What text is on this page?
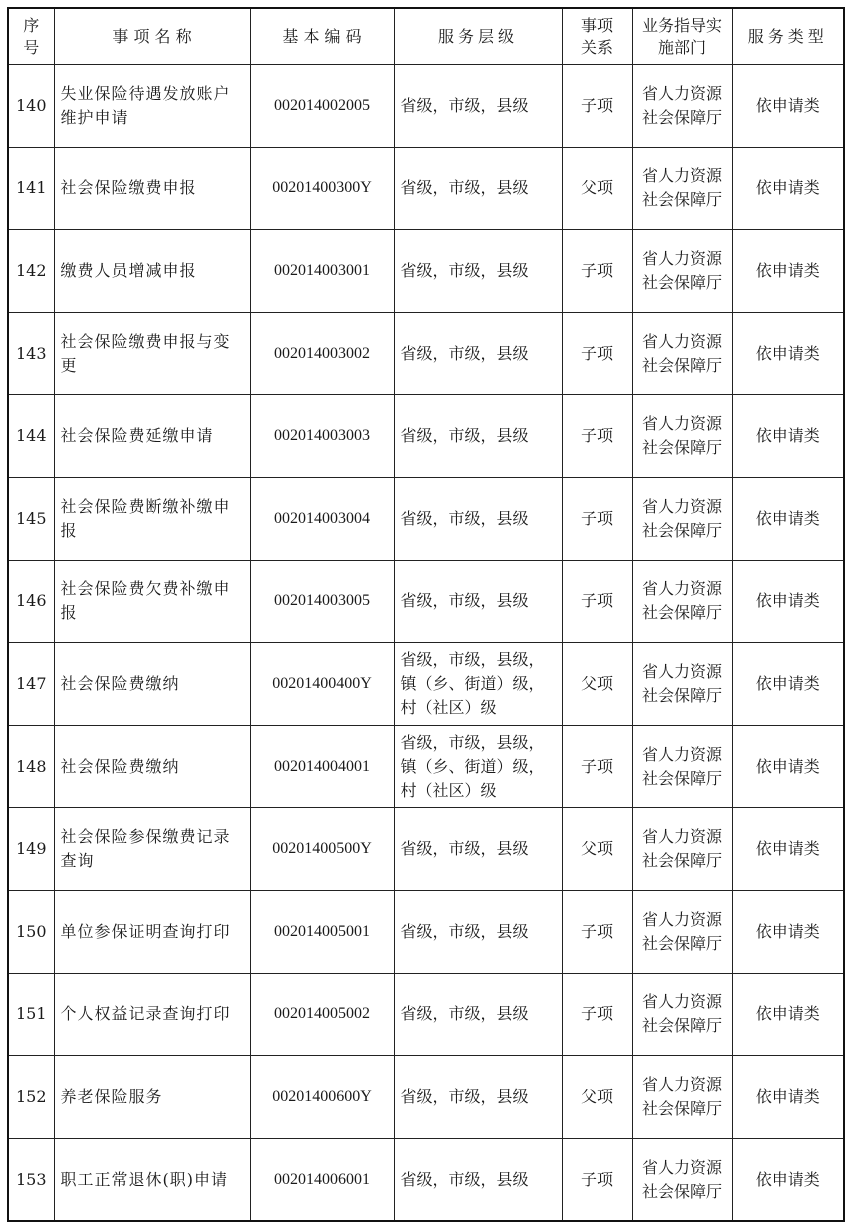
序号	事 项 名 称	基 本 编 码	服务层级	事项关系	业务指导实施部门	服务类型
140	失业保险待遇发放账户维护申请	002014002005	省级，市级，县级	子项	省人力资源社会保障厅	依申请类
141	社会保险缴费申报	00201400300Y	省级，市级，县级	父项	省人力资源社会保障厅	依申请类
142	缴费人员增减申报	002014003001	省级，市级，县级	子项	省人力资源社会保障厅	依申请类
143	社会保险缴费申报与变更	002014003002	省级，市级，县级	子项	省人力资源社会保障厅	依申请类
144	社会保险费延缴申请	002014003003	省级，市级，县级	子项	省人力资源社会保障厅	依申请类
145	社会保险费断缴补缴申报	002014003004	省级，市级，县级	子项	省人力资源社会保障厅	依申请类
146	社会保险费欠费补缴申报	002014003005	省级，市级，县级	子项	省人力资源社会保障厅	依申请类
147	社会保险费缴纳	00201400400Y	省级，市级，县级，镇（乡、街道）级，村（社区）级	父项	省人力资源社会保障厅	依申请类
148	社会保险费缴纳	002014004001	省级，市级，县级，镇（乡、街道）级，村（社区）级	子项	省人力资源社会保障厅	依申请类
149	社会保险参保缴费记录查询	00201400500Y	省级，市级，县级	父项	省人力资源社会保障厅	依申请类
150	单位参保证明查询打印	002014005001	省级，市级，县级	子项	省人力资源社会保障厅	依申请类
151	个人权益记录查询打印	002014005002	省级，市级，县级	子项	省人力资源社会保障厅	依申请类
152	养老保险服务	00201400600Y	省级，市级，县级	父项	省人力资源社会保障厅	依申请类
153	职工正常退休(职)申请	002014006001	省级，市级，县级	子项	省人力资源社会保障厅	依申请类
